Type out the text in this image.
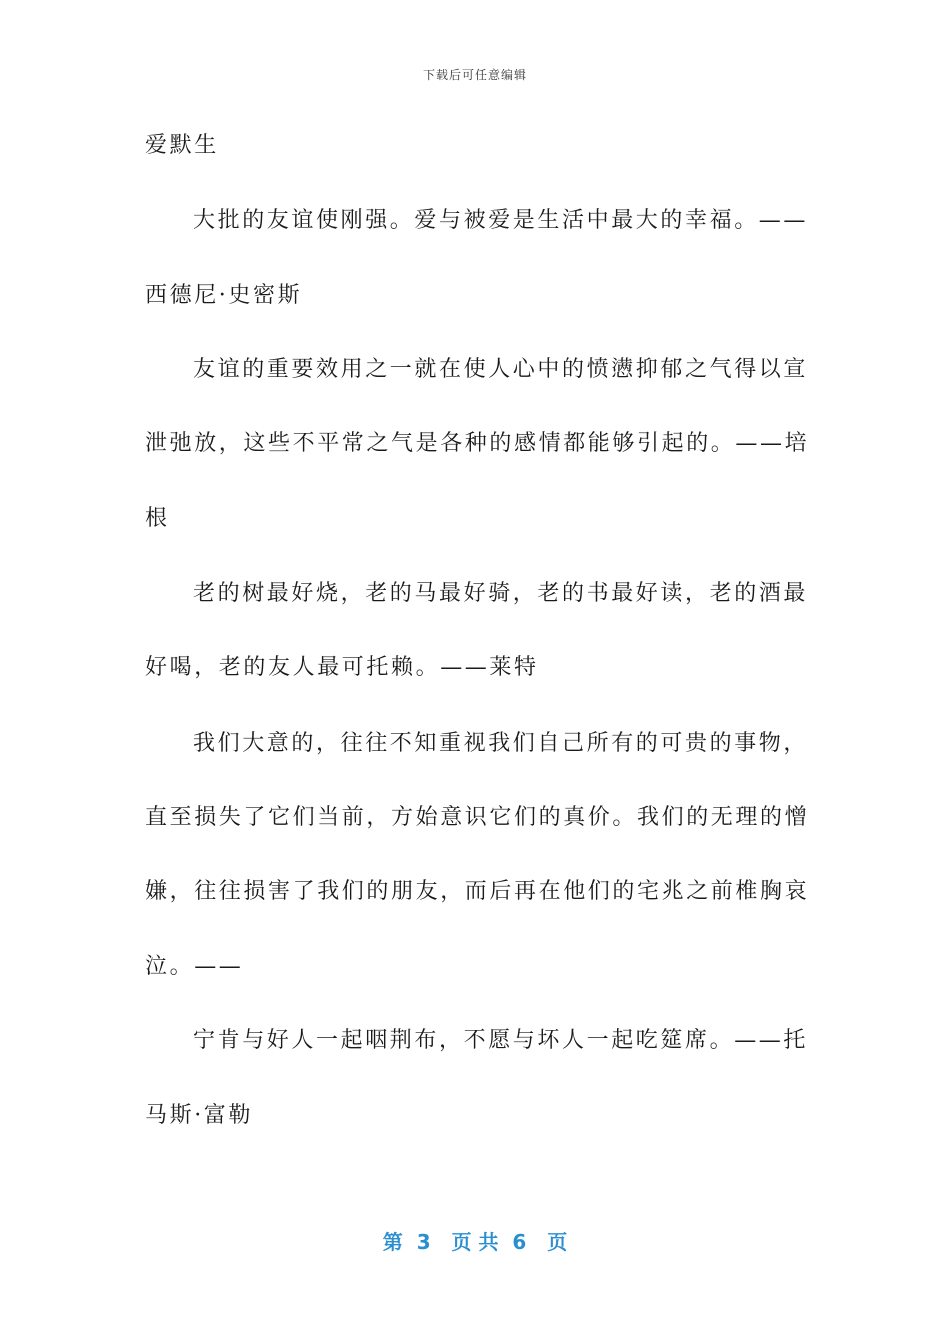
下载后可任意编辑
爱默生
大批的友谊使刚强。爱与被爱是生活中最大的幸福。——
西德尼·史密斯
友谊的重要效用之一就在使人心中的愤懑抑郁之气得以宣
泄弛放，这些不平常之气是各种的感情都能够引起的。——培
根
老的树最好烧，老的马最好骑，老的书最好读，老的酒最
好喝，老的友人最可托赖。——莱特
我们大意的，往往不知重视我们自己所有的可贵的事物，
直至损失了它们当前，方始意识它们的真价。我们的无理的憎
嫌，往往损害了我们的朋友，而后再在他们的宅兆之前椎胸哀
泣。——
宁肯与好人一起咽荆布，不愿与坏人一起吃筵席。——托
马斯·富勒
第  3   页 共  6   页
